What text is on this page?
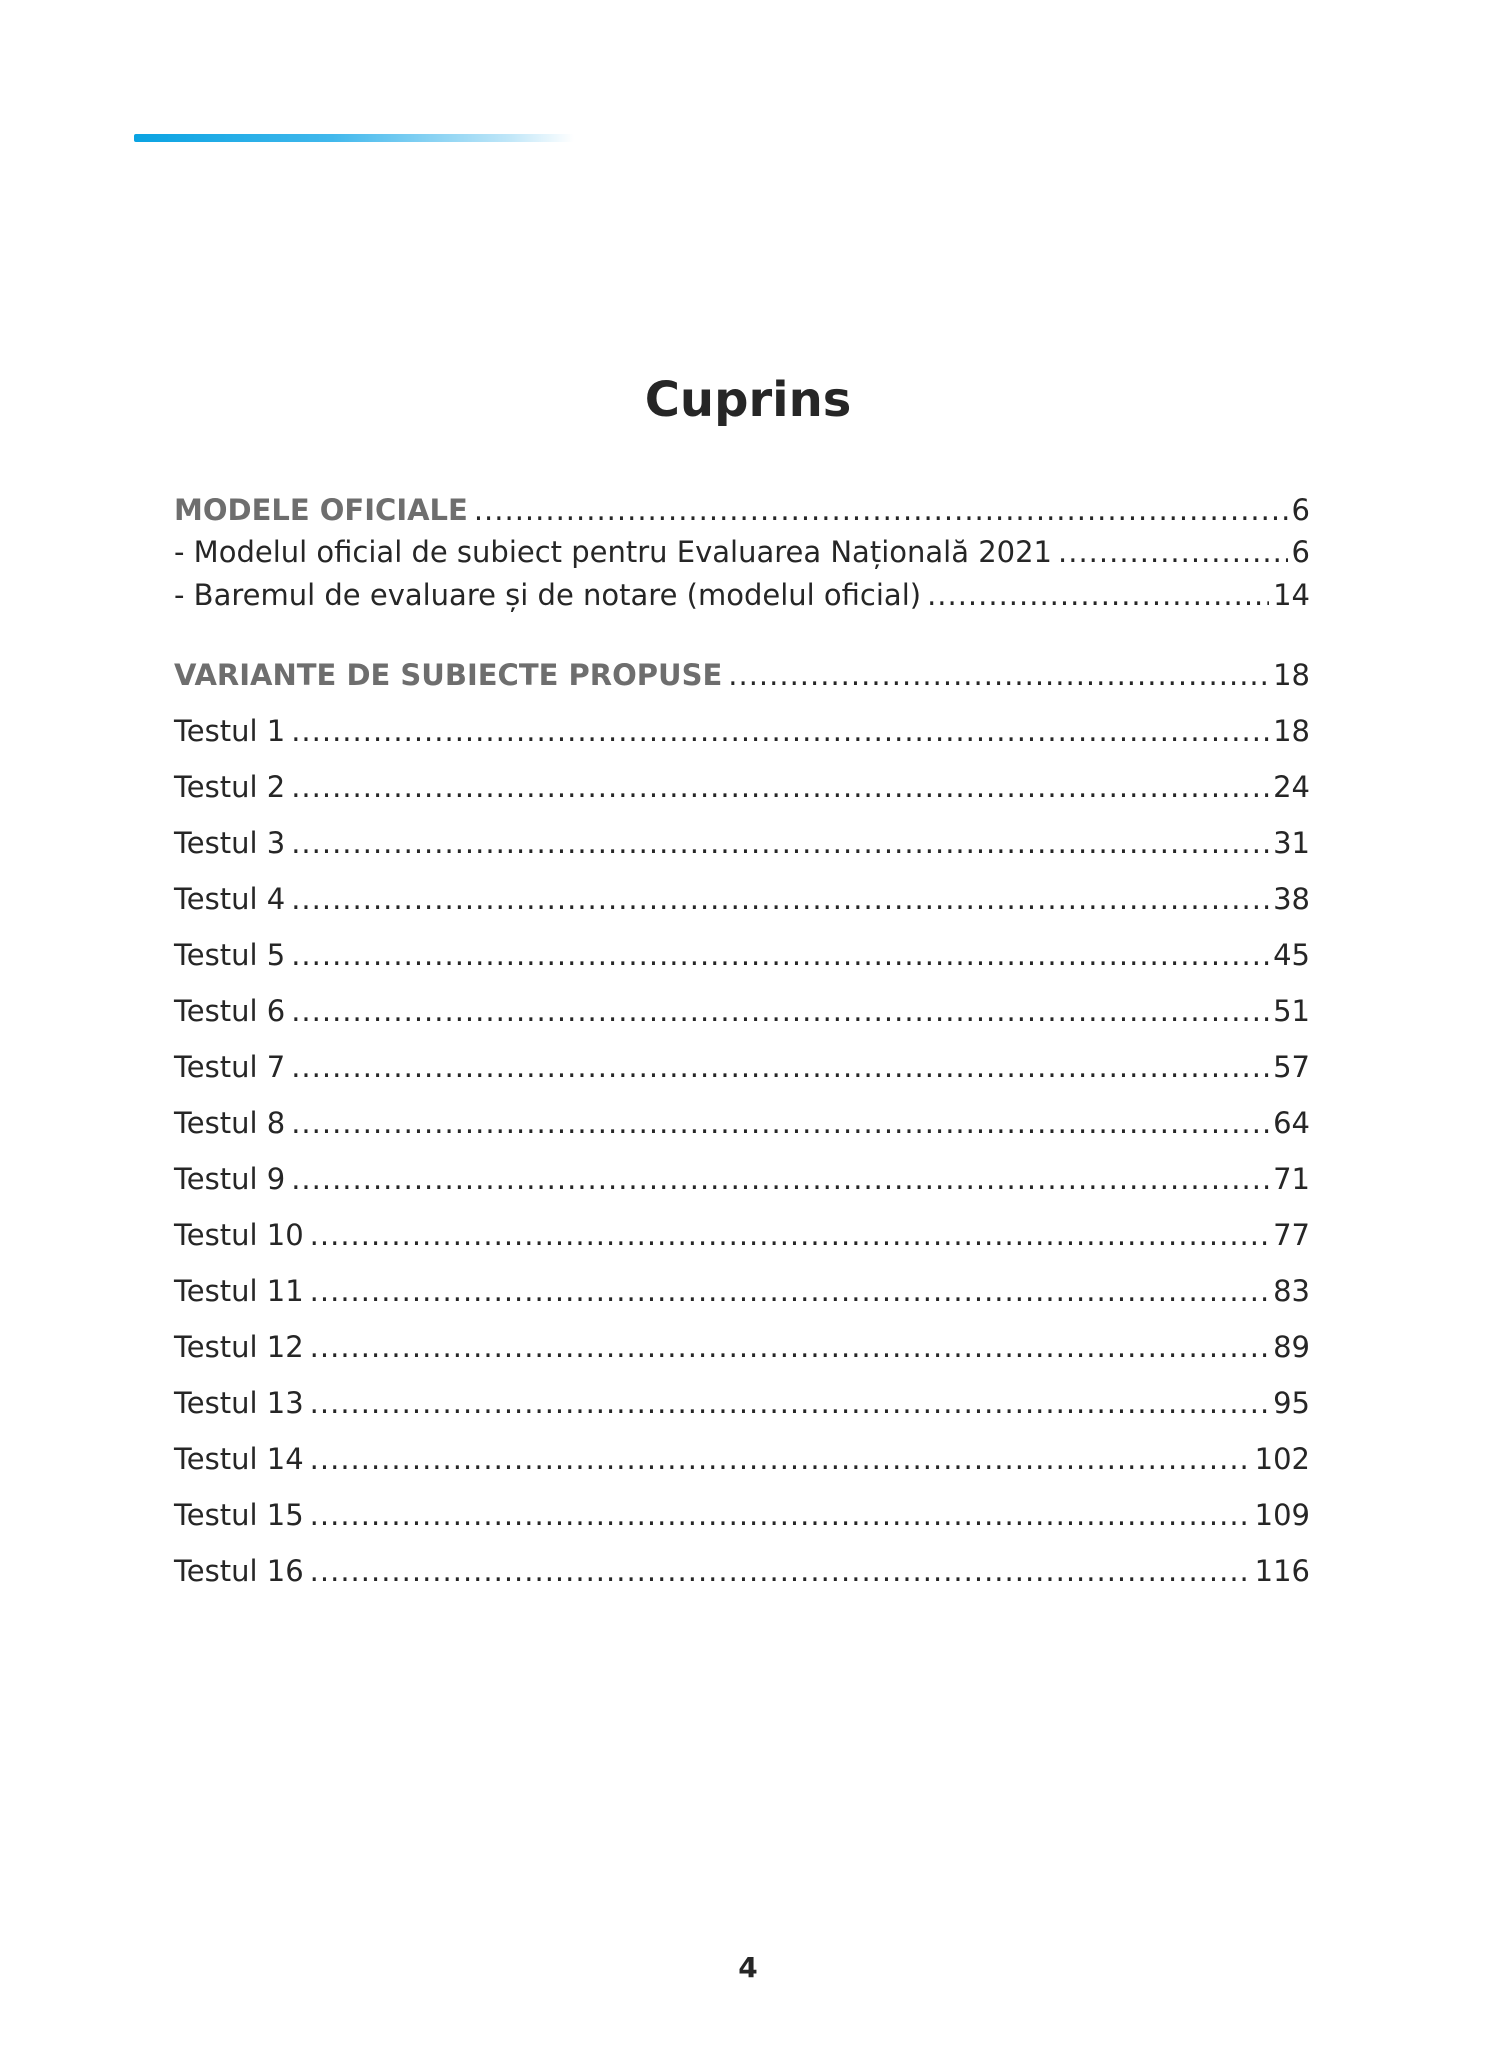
Cuprins
MODELE OFICIALE .....	6
- Modelul oficial de subiect pentru Evaluarea Națională 2021 .....	6
- Baremul de evaluare și de notare (modelul oficial) .....	14
VARIANTE DE SUBIECTE PROPUSE .....	18
Testul 1 .....	18
Testul 2 .....	24
Testul 3 .....	31
Testul 4 .....	38
Testul 5 .....	45
Testul 6 .....	51
Testul 7 .....	57
Testul 8 .....	64
Testul 9 .....	71
Testul 10 .....	77
Testul 11 .....	83
Testul 12 .....	89
Testul 13 .....	95
Testul 14 .....	102
Testul 15 .....	109
Testul 16 .....	116
4
